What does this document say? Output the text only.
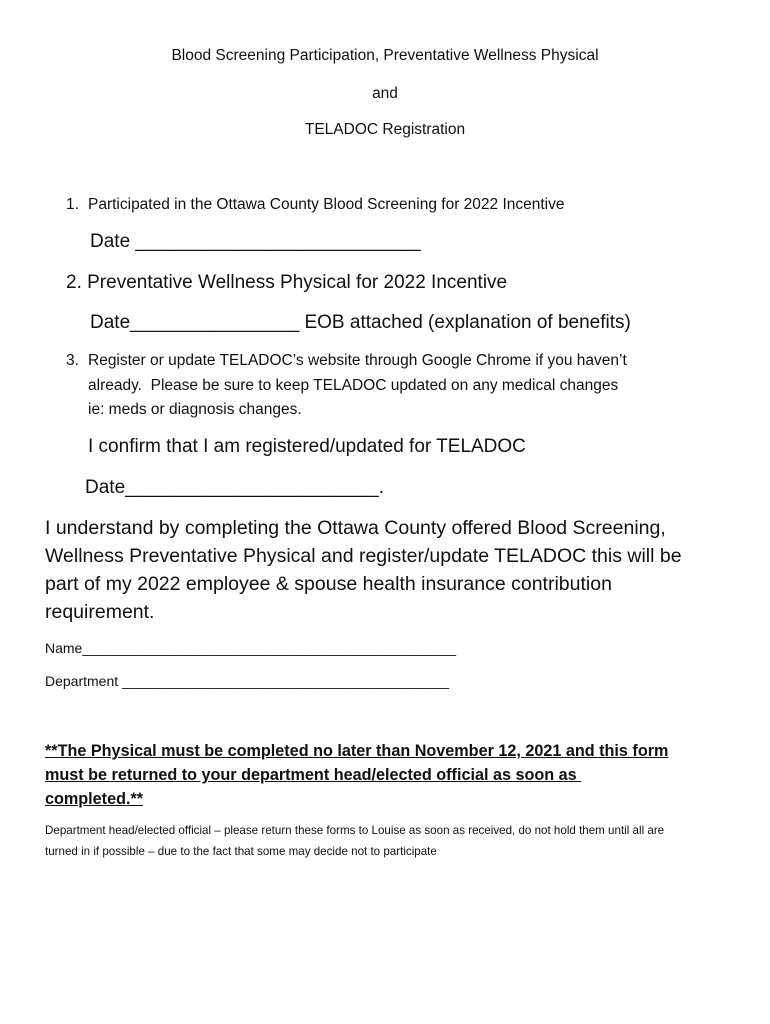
Blood Screening Participation, Preventative Wellness Physical
and
TELADOC Registration
1. Participated in the Ottawa County Blood Screening for 2022 Incentive
Date ___________________________
2. Preventative Wellness Physical for 2022 Incentive
Date________________ EOB attached (explanation of benefits)
3. Register or update TELADOC’s website through Google Chrome if you haven’t
already.  Please be sure to keep TELADOC updated on any medical changes
ie: meds or diagnosis changes.
I confirm that I am registered/updated for TELADOC
Date________________________.
I understand by completing the Ottawa County offered Blood Screening,
Wellness Preventative Physical and register/update TELADOC this will be
part of my 2022 employee & spouse health insurance contribution
requirement.
Name________________________________________________
Department __________________________________________
**The Physical must be completed no later than November 12, 2021 and this form
must be returned to your department head/elected official as soon as
completed.**
Department head/elected official – please return these forms to Louise as soon as received, do not hold them until all are
turned in if possible – due to the fact that some may decide not to participate
